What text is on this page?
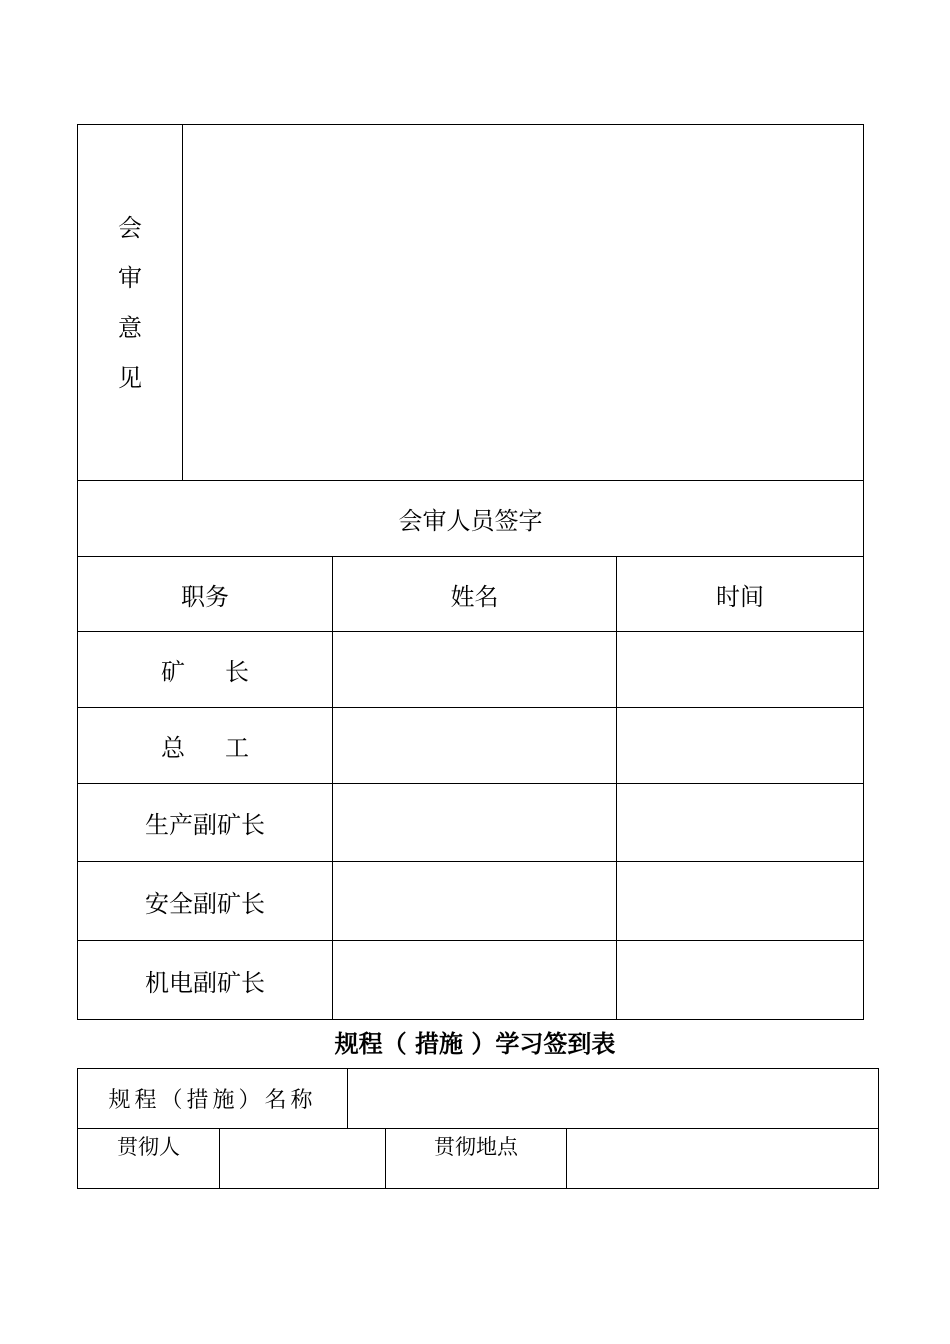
会审意见			
会审人员签字			
职务		姓名	时间
矿 长			
总 工			
生产副矿长			
安全副矿长			
机电副矿长			
规程（ 措施 ）学习签到表
规程（措施）名称				
贯彻人			贯彻地点	
